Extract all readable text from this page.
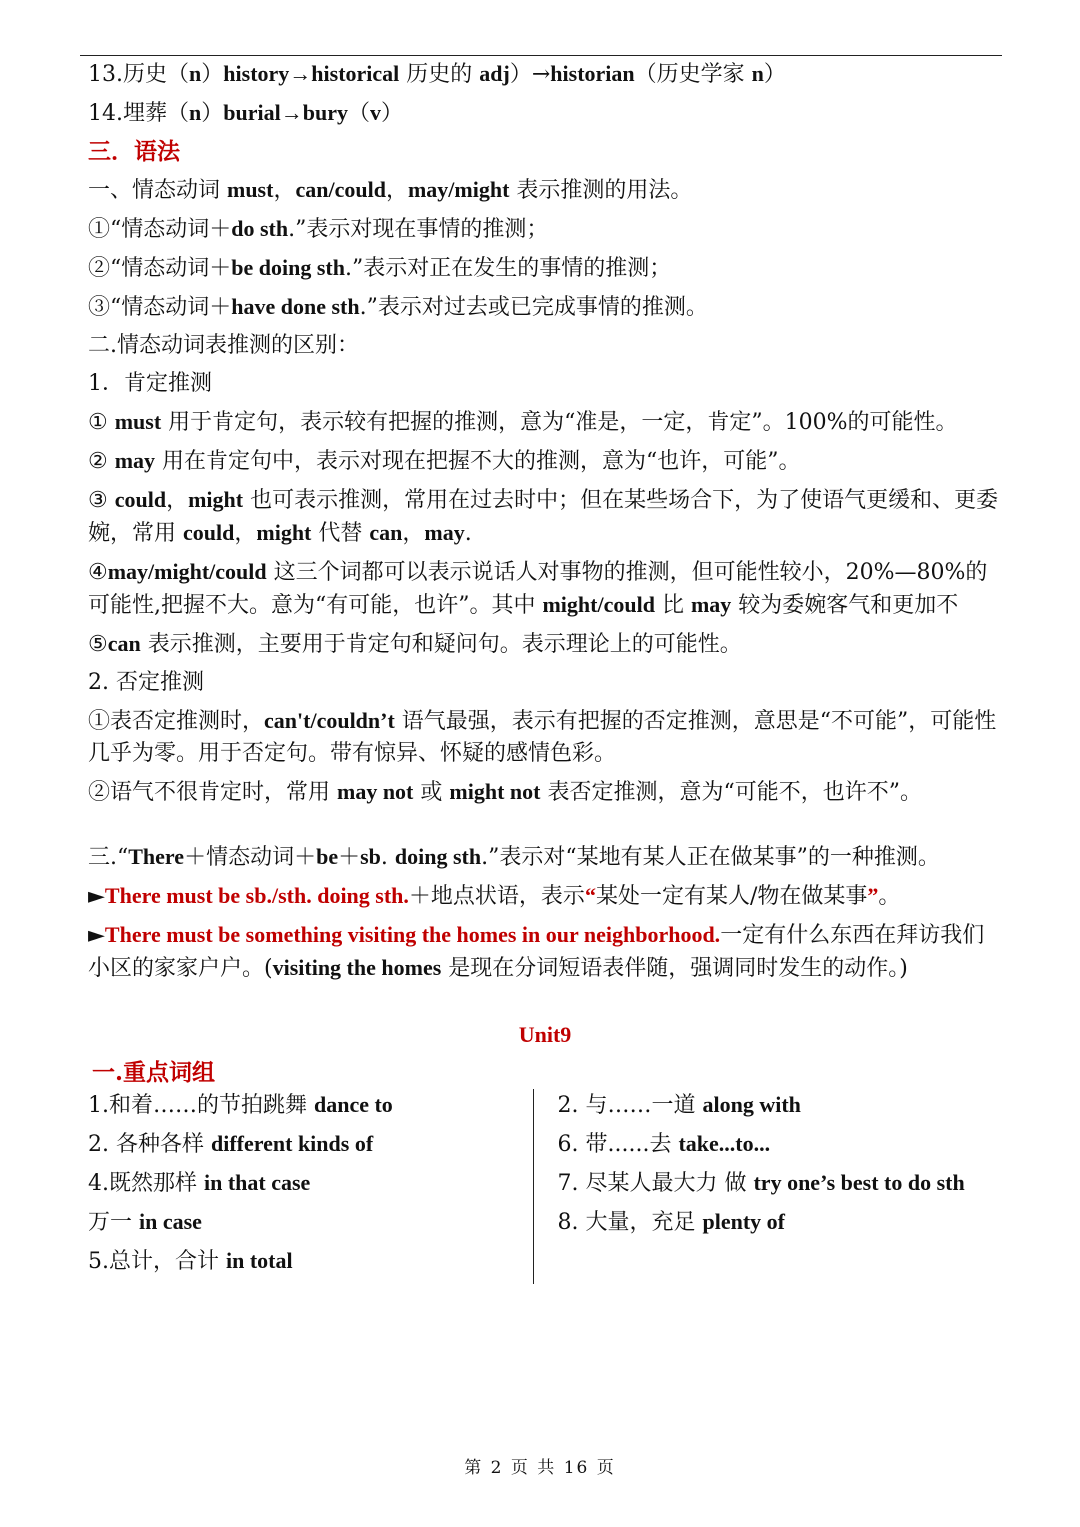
13.历史（n）history→historical 历史的 adj）→historian（历史学家 n）
14.埋葬（n）burial→bury（v）
三．语法
一、情态动词 must，can/could，may/might 表示推测的用法。
①“情态动词＋do sth.”表示对现在事情的推测；
②“情态动词＋be doing sth.”表示对正在发生的事情的推测；
③“情态动词＋have done sth.”表示对过去或已完成事情的推测。
二.情态动词表推测的区别：
1．肯定推测
① must 用于肯定句，表示较有把握的推测，意为“准是，一定，肯定”。100%的可能性。
② may 用在肯定句中，表示对现在把握不大的推测，意为“也许，可能”。
③ could，might 也可表示推测，常用在过去时中；但在某些场合下，为了使语气更缓和、更委婉，常用 could，might 代替 can，may.
④may/might/could 这三个词都可以表示说话人对事物的推测，但可能性较小，20%—80%的可能性,把握不大。意为“有可能，也许”。其中 might/could 比 may 较为委婉客气和更加不
⑤can 表示推测，主要用于肯定句和疑问句。表示理论上的可能性。
2. 否定推测
①表否定推测时，can't/couldn’t 语气最强，表示有把握的否定推测，意思是“不可能”，可能性几乎为零。用于否定句。带有惊异、怀疑的感情色彩。
②语气不很肯定时，常用 may not 或 might not 表否定推测，意为“可能不，也许不”。
三.“There＋情态动词＋be＋sb. doing sth.”表示对“某地有某人正在做某事”的一种推测。
►There must be sb./sth. doing sth.＋地点状语，表示“某处一定有某人/物在做某事”。
►There must be something visiting the homes in our neighborhood.一定有什么东西在拜访我们小区的家家户户。(visiting the homes 是现在分词短语表伴随，强调同时发生的动作。)
Unit9
一.重点词组
1.和着……的节拍跳舞 dance to
2. 各种各样 different kinds of
4.既然那样 in that case
万一 in case
5.总计，合计 in total
2. 与……一道 along with
6. 带......去 take...to...
7. 尽某人最大力 做 try one’s best to do sth
8. 大量，充足 plenty of
第 2 页 共 16 页
